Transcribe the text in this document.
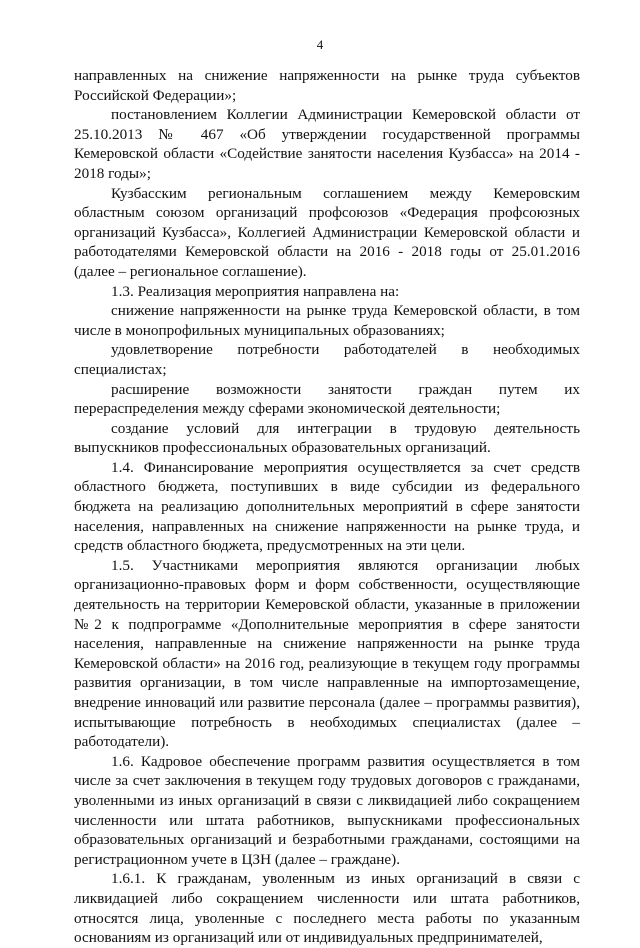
4

направленных на снижение напряженности на рынке труда субъектов Российской Федерации»;

постановлением Коллегии Администрации Кемеровской области от 25.10.2013 № 467 «Об утверждении государственной программы Кемеровской области «Содействие занятости населения Кузбасса» на 2014 - 2018 годы»;

Кузбасским региональным соглашением между Кемеровским областным союзом организаций профсоюзов «Федерация профсоюзных организаций Кузбасса», Коллегией Администрации Кемеровской области и работодателями Кемеровской области на 2016 - 2018 годы от 25.01.2016 (далее – региональное соглашение).

1.3. Реализация мероприятия направлена на:

снижение напряженности на рынке труда Кемеровской области, в том числе в монопрофильных муниципальных образованиях;

удовлетворение потребности работодателей в необходимых специалистах;

расширение возможности занятости граждан путем их перераспределения между сферами экономической деятельности;

создание условий для интеграции в трудовую деятельность выпускников профессиональных образовательных организаций.

1.4. Финансирование мероприятия осуществляется за счет средств областного бюджета, поступивших в виде субсидии из федерального бюджета на реализацию дополнительных мероприятий в сфере занятости населения, направленных на снижение напряженности на рынке труда, и средств областного бюджета, предусмотренных на эти цели.

1.5. Участниками мероприятия являются организации любых организационно-правовых форм и форм собственности, осуществляющие деятельность на территории Кемеровской области, указанные в приложении №2 к подпрограмме «Дополнительные мероприятия в сфере занятости населения, направленные на снижение напряженности на рынке труда Кемеровской области» на 2016 год, реализующие в текущем году программы развития организации, в том числе направленные на импортозамещение, внедрение инноваций или развитие персонала (далее – программы развития), испытывающие потребность в необходимых специалистах (далее – работодатели).

1.6. Кадровое обеспечение программ развития осуществляется в том числе за счет заключения в текущем году трудовых договоров с гражданами, уволенными из иных организаций в связи с ликвидацией либо сокращением численности или штата работников, выпускниками профессиональных образовательных организаций и безработными гражданами, состоящими на регистрационном учете в ЦЗН (далее – граждане).

1.6.1. К гражданам, уволенным из иных организаций в связи с ликвидацией либо сокращением численности или штата работников, относятся лица, уволенные с последнего места работы по указанным основаниям из организаций или от индивидуальных предпринимателей,
